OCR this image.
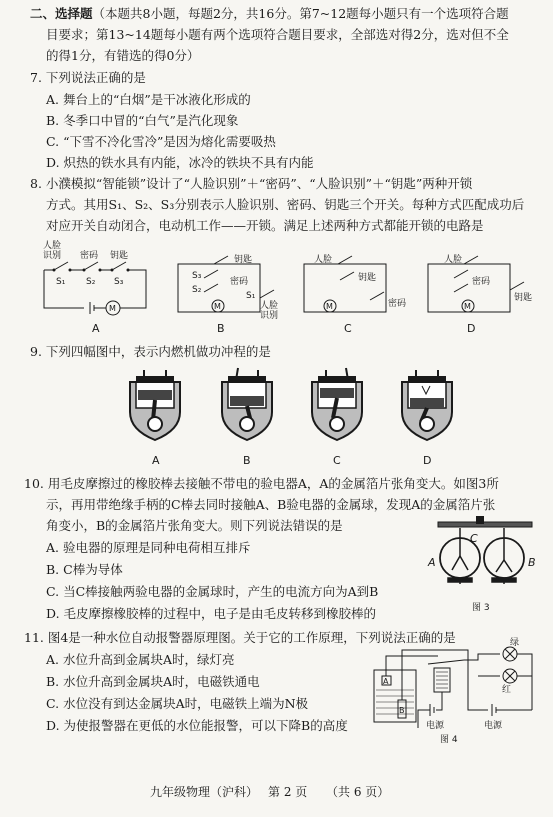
二、选择题（本题共8小题，每题2分，共16分。第7~12题每小题只有一个选项符合题
目要求；第13~14题每小题有两个选项符合题目要求，全部选对得2分，选对但不全
的得1分，有错选的得0分）
7. 下列说法正确的是
A. 舞台上的“白烟”是干冰液化形成的
B. 冬季口中冒的“白气”是汽化现象
C. “下雪不冷化雪冷”是因为熔化需要吸热
D. 炽热的铁水具有内能，冰冷的铁块不具有内能
8. 小濮模拟“智能锁”设计了“人脸识别”＋“密码”、“人脸识别”＋“钥匙”两种开锁
方式。其用S₁、S₂、S₃分别表示人脸识别、密码、钥匙三个开关。每种方式匹配成功后
对应开关自动闭合，电动机工作——开锁。满足上述两种方式都能开锁的电路是
人脸
识别 密码 钥匙
S₁ S₂ S₃
M
A
钥匙
密码
人脸
识别
S₃
S₂
S₁
M
B
人脸
钥匙
密码
M
C
人脸
密码
钥匙
M
D
9. 下列四幅图中，表示内燃机做功冲程的是
A	B	C	D
10. 用毛皮摩擦过的橡胶棒去接触不带电的验电器A，A的金属箔片张角变大。如图3所
示，再用带绝缘手柄的C棒去同时接触A、B验电器的金属球，发现A的金属箔片张
角变小，B的金属箔片张角变大。则下列说法错误的是
A. 验电器的原理是同种电荷相互排斥
B. C棒为导体
C. 当C棒接触两验电器的金属球时，产生的电流方向为A到B
D. 毛皮摩擦橡胶棒的过程中，电子是由毛皮转移到橡胶棒的
A	B
C
图 3
11. 图4是一种水位自动报警器原理图。关于它的工作原理，下列说法正确的是
A. 水位升高到金属块A时，绿灯亮
B. 水位升高到金属块A时，电磁铁通电
C. 水位没有到达金属块A时，电磁铁上端为N极
D. 为使报警器在更低的水位能报警，可以下降B的高度
A
B
绿
红
电源	电源
图 4
九年级物理（沪科） 第 2 页 （共 6 页）
